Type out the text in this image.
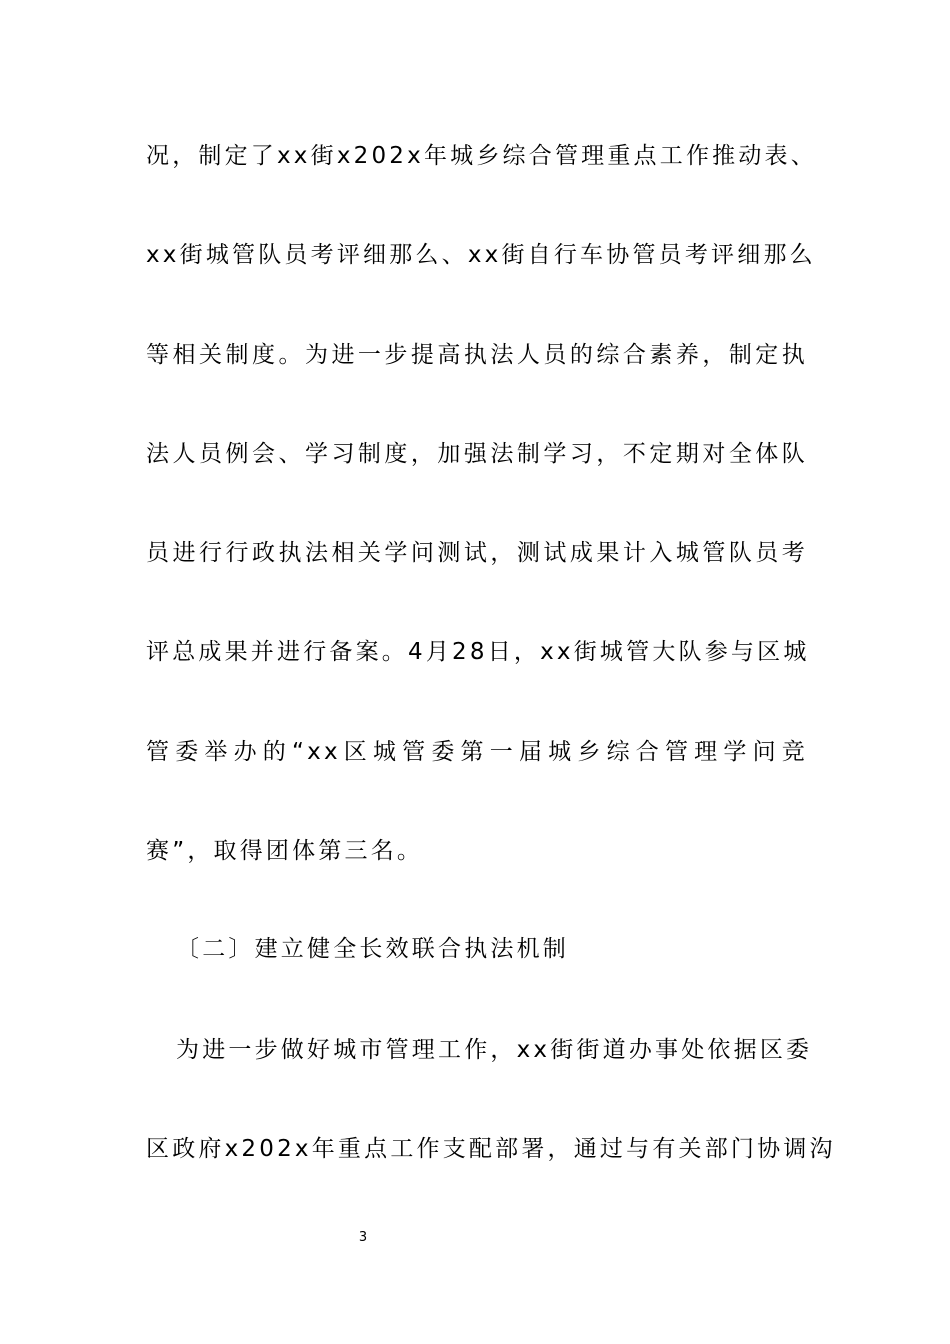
况，制定了xx街x202x年城乡综合管理重点工作推动表、
xx街城管队员考评细那么、xx街自行车协管员考评细那么
等相关制度。为进一步提高执法人员的综合素养，制定执
法人员例会、学习制度，加强法制学习，不定期对全体队
员进行行政执法相关学问测试，测试成果计入城管队员考
评总成果并进行备案。4月28日，xx街城管大队参与区城
管委举办的“xx区城管委第一届城乡综合管理学问竞
赛”，取得团体第三名。
〔二〕建立健全长效联合执法机制
为进一步做好城市管理工作，xx街街道办事处依据区委
区政府x202x年重点工作支配部署，通过与有关部门协调沟
3
